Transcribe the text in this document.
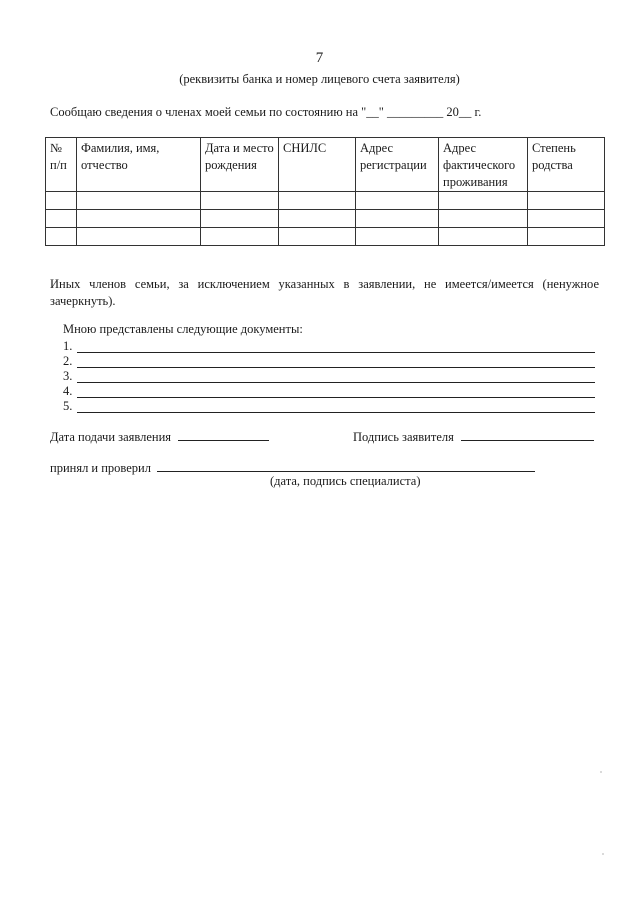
7
(реквизиты банка и номер лицевого счета заявителя)
Сообщаю сведения о членах моей семьи по состоянию на "__" _________ 20__ г.
№ п/п	Фамилия, имя, отчество	Дата и место рождения	СНИЛС	Адрес регистрации	Адрес фактического проживания	Степень родства

Иных членов семьи, за исключением указанных в заявлении, не имеется/имеется (ненужное зачеркнуть).
Мною представлены следующие документы:
1.
2.
3.
4.
5.
Дата подачи заявления	Подпись заявителя
принял и проверил
(дата, подпись специалиста)
